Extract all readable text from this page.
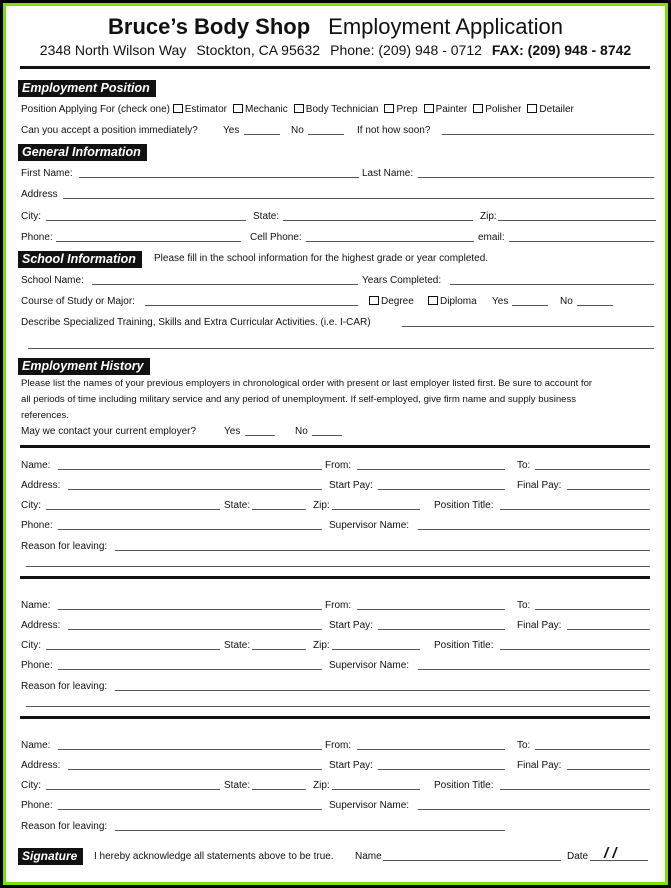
Bruce’s Body Shop Employment Application
2348 North Wilson Way Stockton, CA 95632 Phone: (209) 948 - 0712 FAX: (209) 948 - 8742
Employment Position
Position Applying For (check one) Estimator Mechanic Body Technician Prep Painter Polisher Detailer
Can you accept a position immediately?	Yes	No	If not how soon?
General Information
First Name:	Last Name:
Address
City:	State:	Zip:
Phone:	Cell Phone:	email:
School Information	Please fill in the school information for the highest grade or year completed.
School Name:	Years Completed:
Course of Study or Major:	Degree	Diploma Yes	No
Describe Specialized Training, Skills and Extra Curricular Activities. (i.e. I-CAR)
Employment History
Please list the names of your previous employers in chronological order with present or last employer listed first. Be sure to account for
all periods of time including military service and any period of unemployment. If self-employed, give firm name and supply business
references.
May we contact your current employer?	Yes	No
Name:	From:	To:
Address:	Start Pay:	Final Pay:
City:	State:	Zip:	Position Title:
Phone:	Supervisor Name:
Reason for leaving:
Name:	From:	To:
Address:	Start Pay:	Final Pay:
City:	State:	Zip:	Position Title:
Phone:	Supervisor Name:
Reason for leaving:
Name:	From:	To:
Address:	Start Pay:	Final Pay:
City:	State:	Zip:	Position Title:
Phone:	Supervisor Name:
Reason for leaving:
Signature	I hereby acknowledge all statements above to be true. Name	Date / /
